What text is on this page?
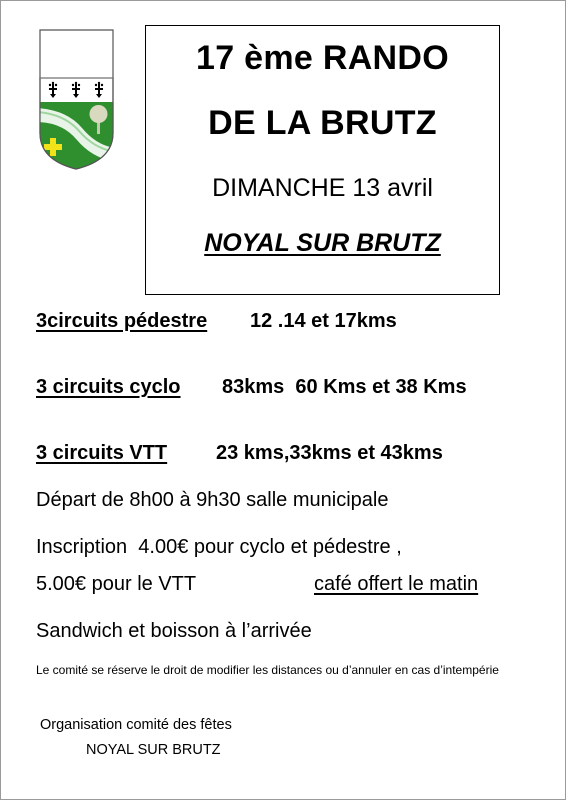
17 ème RANDO
DE LA BRUTZ
DIMANCHE 13 avril
NOYAL SUR BRUTZ
3circuits pédestre 12 .14 et 17kms
3 circuits cyclo 83kms  60 Kms et 38 Kms
3 circuits VTT 23 kms,33kms et 43kms
Départ de 8h00 à 9h30 salle municipale
Inscription  4.00€ pour cyclo et pédestre ,
5.00€ pour le VTT	café offert le matin
Sandwich et boisson à l’arrivée
Le comité se réserve le droit de modifier les distances ou d’annuler en cas d’intempérie
Organisation comité des fêtes
NOYAL SUR BRUTZ
